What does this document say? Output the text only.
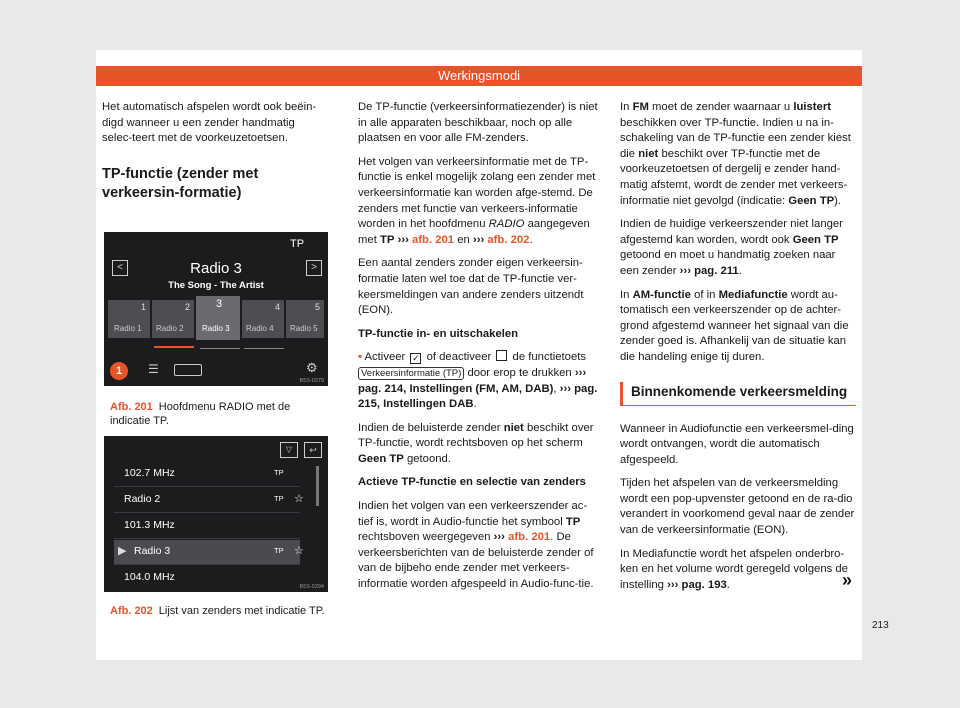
Werkingsmodi

Het automatisch afspelen wordt ook beëin-digd wanneer u een zender handmatig selec-teert met de voorkeuzetoetsen.

TP-functie (zender met verkeersin-formatie)

TP
<	>
Radio 3
The Song - The Artist
1
Radio 1
2
Radio 2
3
Radio 3
4
Radio 4
5
Radio 5
1	☰	⚙
B5S-0279
Afb. 201 Hoofdmenu RADIO met de indicatie TP.
▽	↩
102.7 MHz	TP
Radio 2	TP ☆
101.3 MHz
▶ Radio 3	TP ☆
104.0 MHz
B5S-0294
Afb. 202 Lijst van zenders met indicatie TP.

De TP-functie (verkeersinformatiezender) is niet in alle apparaten beschikbaar, noch op alle plaatsen en voor alle FM-zenders.

Het volgen van verkeersinformatie met de TP-functie is enkel mogelijk zolang een zender met verkeersinformatie kan worden afge-stemd. De zenders met functie van verkeers-informatie worden in het hoofdmenu RADIO aangegeven met TP ››› afb. 201 en ››› afb. 202.

Een aantal zenders zonder eigen verkeersin-formatie laten wel toe dat de TP-functie ver-keersmeldingen van andere zenders uitzendt (EON).

TP-functie in- en uitschakelen

• Activeer ✓ of deactiveer de functietoets Verkeersinformatie (TP) door erop te drukken ››› pag. 214, Instellingen (FM, AM, DAB), ››› pag. 215, Instellingen DAB.

Indien de beluisterde zender niet beschikt over TP-functie, wordt rechtsboven op het scherm Geen TP getoond.

Actieve TP-functie en selectie van zenders

Indien het volgen van een verkeerszender ac-tief is, wordt in Audio-functie het symbool TP rechtsboven weergegeven ››› afb. 201. De verkeersberichten van de beluisterde zender of van de bijbeho ende zender met verkeers-informatie worden afgespeeld in Audio-func-tie.

In FM moet de zender waarnaar u luistert beschikken over TP-functie. Indien u na in-schakeling van de TP-functie een zender kiest die niet beschikt over TP-functie met de voorkeuzetoetsen of dergelij e zender hand-matig afstemt, wordt de zender met verkeers-informatie niet gevolgd (indicatie: Geen TP).

Indien de huidige verkeerszender niet langer afgestemd kan worden, wordt ook Geen TP getoond en moet u handmatig zoeken naar een zender ››› pag. 211.

In AM-functie of in Mediafunctie wordt au-tomatisch een verkeerszender op de achter-grond afgestemd wanneer het signaal van die zender goed is. Afhankelij van de situatie kan die handeling enige tij duren.

Binnenkomende verkeersmelding

Wanneer in Audiofunctie een verkeersmel-ding wordt ontvangen, wordt die automatisch afgespeeld.

Tijden het afspelen van de verkeersmelding wordt een pop-upvenster getoond en de ra-dio verandert in voorkomend geval naar de zender van de verkeersinformatie (EON).

In Mediafunctie wordt het afspelen onderbro-ken en het volume wordt geregeld volgens de instelling ››› pag. 193.	»
213
